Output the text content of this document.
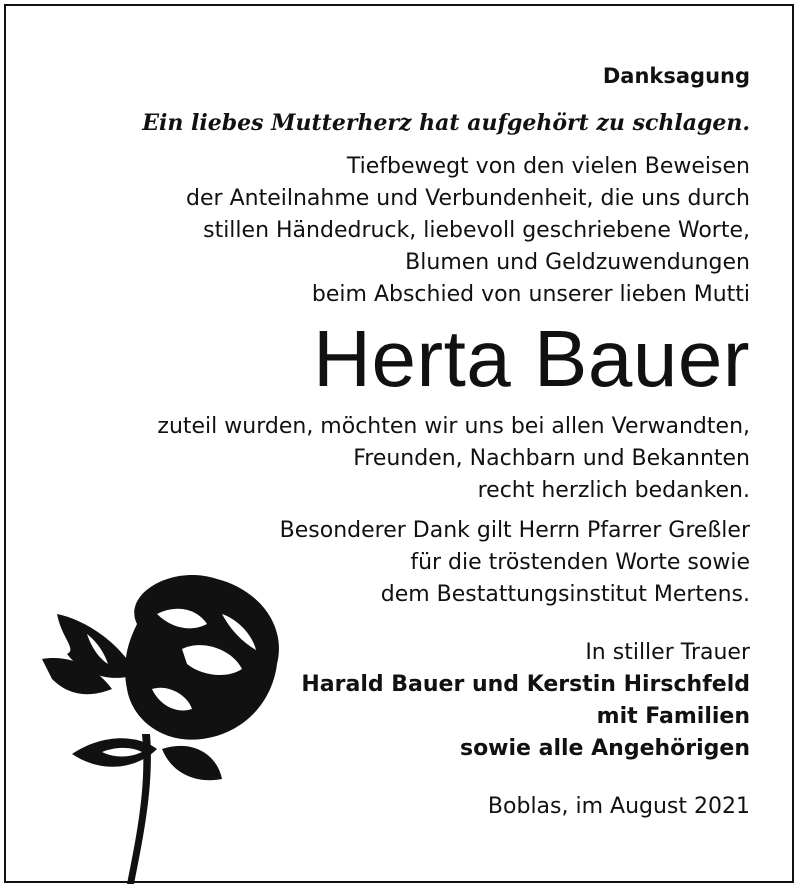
Danksagung
Ein liebes Mutterherz hat aufgehört zu schlagen.

Tiefbewegt von den vielen Beweisen

der Anteilnahme und Verbundenheit, die uns durch

stillen Händedruck, liebevoll geschriebene Worte,

Blumen und Geldzuwendungen

beim Abschied von unserer lieben Mutti

Herta Bauer

zuteil wurden, möchten wir uns bei allen Verwandten,

Freunden, Nachbarn und Bekannten

recht herzlich bedanken.

Besonderer Dank gilt Herrn Pfarrer Greßler

für die tröstenden Worte sowie

dem Bestattungsinstitut Mertens.

In stiller Trauer

Harald Bauer und Kerstin Hirschfeld

mit Familien

sowie alle Angehörigen

Boblas, im August 2021
